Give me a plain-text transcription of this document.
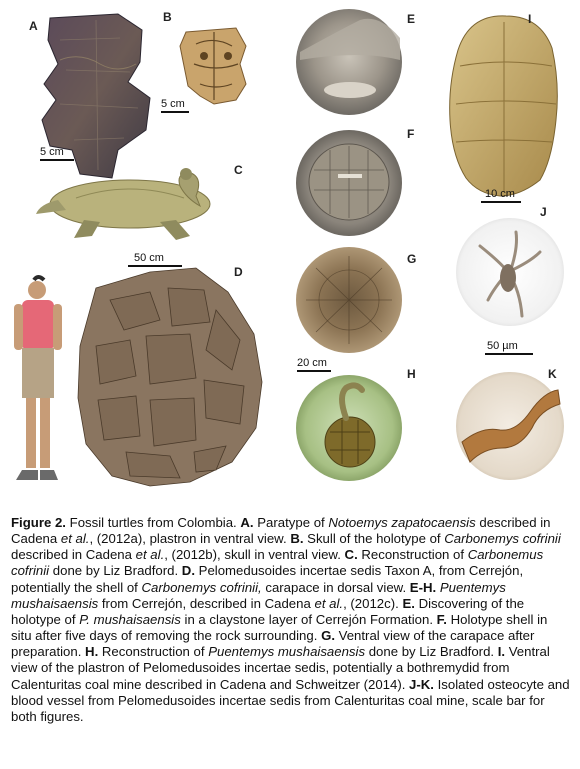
A
B
C
D
E
F
G
H
I
J
K
5 cm
5 cm
50 cm
20 cm
10 cm
50 µm
Figure 2. Fossil turtles from Colombia. A. Paratype of Notoemys zapatocaensis described in Cadena et al., (2012a), plastron in ventral view. B. Skull of the holotype of Carbonemys cofrinii described in Cadena et al., (2012b), skull in ventral view. C. Reconstruction of Carbonemus cofrinii done by Liz Bradford. D. Pelomedusoides incertae sedis Taxon A, from Cerrejón, potentially the shell of Carbonemys cofrinii, carapace in dorsal view. E-H. Puentemys mushaisaensis from Cerrejón, described in Cadena et al., (2012c). E. Discovering of the holotype of P. mushaisaensis in a claystone layer of Cerrejón Formation. F. Holotype shell in situ after five days of removing the rock surrounding. G. Ventral view of the carapace after preparation. H. Reconstruction of Puentemys mushaisaensis done by Liz Bradford. I. Ventral view of the plastron of Pelomedusoides incertae sedis, potentially a bothremydid from Calenturitas coal mine described in Cadena and Schweitzer (2014). J-K. Isolated osteocyte and blood vessel from Pelomedusoides incertae sedis from Calenturitas coal mine, scale bar for both figures.
